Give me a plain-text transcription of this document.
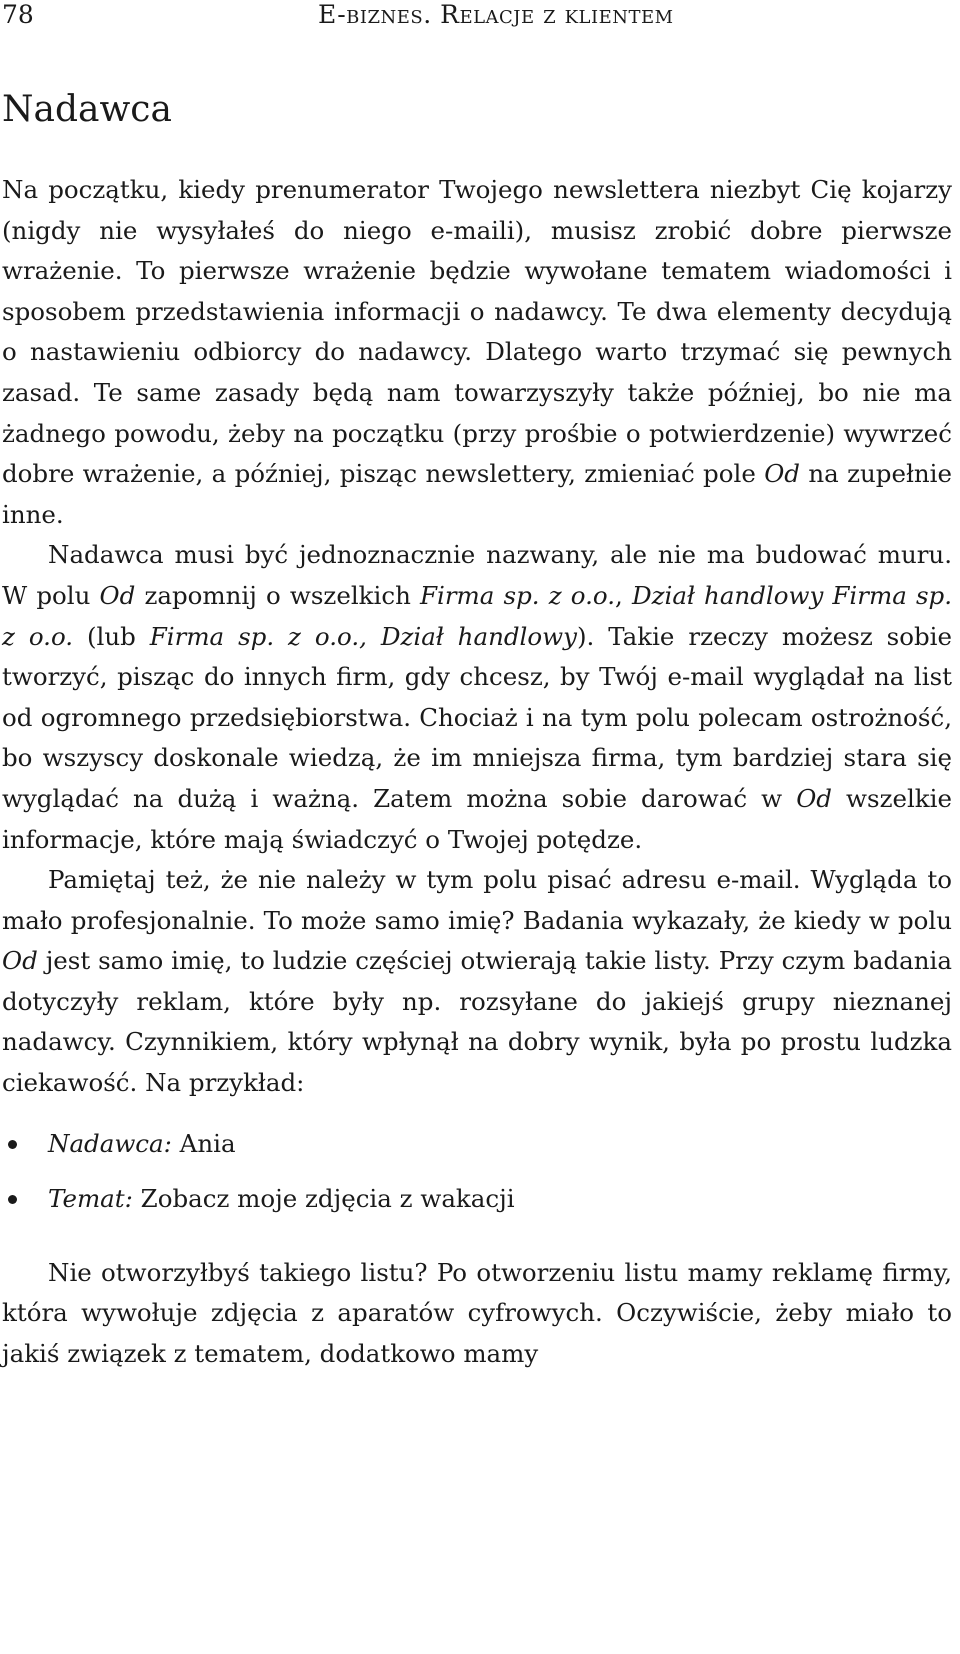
78	E-biznes. Relacje z klientem
Nadawca

Na początku, kiedy prenumerator Twojego newslettera niezbyt Cię kojarzy (nigdy nie wysyłałeś do niego e-maili), musisz zrobić dobre pierwsze wrażenie. To pierwsze wrażenie będzie wywołane tematem wiadomości i sposobem przedstawienia informacji o nadawcy. Te dwa elementy decydują o nastawieniu odbiorcy do nadawcy. Dlatego warto trzymać się pewnych zasad. Te same zasady będą nam towarzyszyły także później, bo nie ma żadnego powodu, żeby na początku (przy prośbie o potwierdzenie) wywrzeć dobre wrażenie, a później, pisząc newslettery, zmieniać pole Od na zupełnie inne.

Nadawca musi być jednoznacznie nazwany, ale nie ma budować muru. W polu Od zapomnij o wszelkich Firma sp. z o.o., Dział handlowy Firma sp. z o.o. (lub Firma sp. z o.o., Dział handlowy). Takie rzeczy możesz sobie tworzyć, pisząc do innych firm, gdy chcesz, by Twój e-mail wyglądał na list od ogromnego przedsiębiorstwa. Chociaż i na tym polu polecam ostrożność, bo wszyscy doskonale wiedzą, że im mniejsza firma, tym bardziej stara się wyglądać na dużą i ważną. Zatem można sobie darować w Od wszelkie informacje, które mają świadczyć o Twojej potędze.

Pamiętaj też, że nie należy w tym polu pisać adresu e-mail. Wygląda to mało profesjonalnie. To może samo imię? Badania wykazały, że kiedy w polu Od jest samo imię, to ludzie częściej otwierają takie listy. Przy czym badania dotyczyły reklam, które były np. rozsyłane do jakiejś grupy nieznanej nadawcy. Czynnikiem, który wpłynął na dobry wynik, była po prostu ludzka ciekawość. Na przykład:

Nadawca: Ania
Temat: Zobacz moje zdjęcia z wakacji

Nie otworzyłbyś takiego listu? Po otworzeniu listu mamy reklamę firmy, która wywołuje zdjęcia z aparatów cyfrowych. Oczywiście, żeby miało to jakiś związek z tematem, dodatkowo mamy
